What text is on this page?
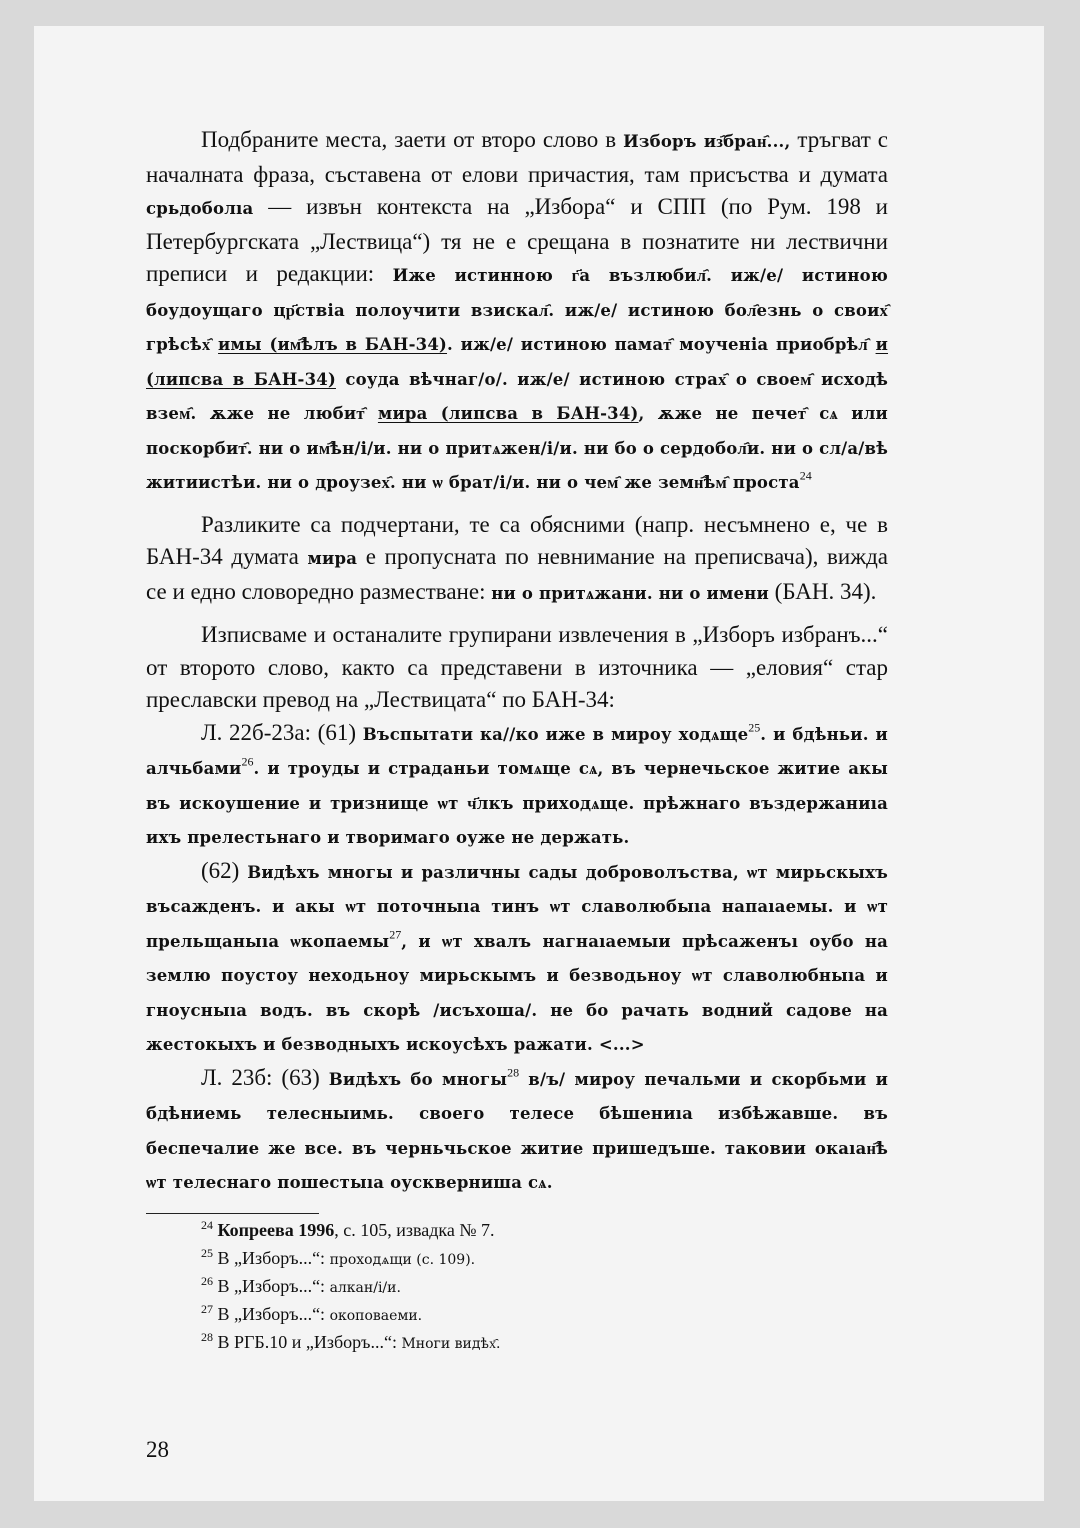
Подбраните места, заети от второ слово в Изборъ из҄бран҄..., тръгват с началната фраза, съставена от елови причастия, там присъства и думата срьдоболıа — извън контекста на „Избора“ и СПП (по Рум. 198 и Петербургската „Лествица“) тя не е срещана в познатите ни лествични преписи и редакции: Иже истинною г҃а възлюбил҄. иж/е/ истиною боудоущаго цр҃ствіа полоучити взискал҄. иж/е/ истиною бол҄езнь о своих҄ грѣсѣх҄ имы (им҄ѣлъ в БАН-34). иж/е/ истиною памат҄ моученіа приобрѣл҄ и (липсва в БАН-34) соуда вѣчнаг/о/. иж/е/ истиною страх҄ о своем҄ исходѣ взем҄. ѫже не любит҄ мира (липсва в БАН-34), ѫже не печет҄ сѧ или поскорбит҄. ни о им҄ѣн/і/и. ни о притѧжен/і/и. ни бо о сердобол҄и. ни о сл/а/вѣ житиистѣи. ни о дроузех҄. ни ѡ брат/і/и. ни о чем҄ же земн҄ѣм҄ проста$^{24}$

Разликите са подчертани, те са обясними (напр. несъмнено е, че в БАН-34 думата мира е пропусната по невнимание на преписвача), вижда се и едно словоредно разместване: ни о притѧжани. ни о имени (БАН. 34).

Изписваме и останалите групирани извлечения в „Изборъ избранъ...“ от второто слово, както са представени в източника — „еловия“ стар преславски превод на „Лествицата“ по БАН-34:

Л. 22б-23а: (61) Въспытати ка//ко иже в мироу ходѧще$^{25}$. и бдѣньи. и алчьбами$^{26}$. и троуды и страданьи томѧще сѧ, въ чернечьское житие акы въ искоушение и тризнище ѡт ч҃лкъ приходѧще. прѣжнаго въздержаниıа ихъ прелестьнаго и творимаго оуже не держать.

(62) Видѣхъ многы и различны сады доброволъства, ѡт мирьскыхъ въсажденъ. и акы ѡт поточныıа тинъ ѡт славолюбыıа напаıаемы. и ѡт прельщаныıа ѡкопаемы$^{27}$, и ѡт хвалъ нагнаıаемыи прѣсаженъı оубо на землю поустоу неходьноу мирьскымъ и безводьноу ѡт славолюбныıа и гноусныıа водъ. въ скорѣ /исъхоша/. не бо рачать водний садове на жестокыхъ и безводныхъ искоусѣхъ ражати. <...>

Л. 23б: (63) Видѣхъ бо многы$^{28}$ в/ъ/ мироу печальми и скорбьми и бдѣниемь телесныимь. своего телесе бѣшениıа избѣжавше. въ беспечалие же все. въ черньчьское житие пришедъше. таковии окаıан҄ѣ ѡт телеснаго пошестыıа оускверниша сѧ.

$^{24}$ Копреева 1996, с. 105, извадка № 7.
$^{25}$ В „Изборъ...“: проходѧщи (с. 109).
$^{26}$ В „Изборъ...“: алкан/і/и.
$^{27}$ В „Изборъ...“: окоповаеми.
$^{28}$ В РГБ.10 и „Изборъ...“: Многи видѣх҄.
28
